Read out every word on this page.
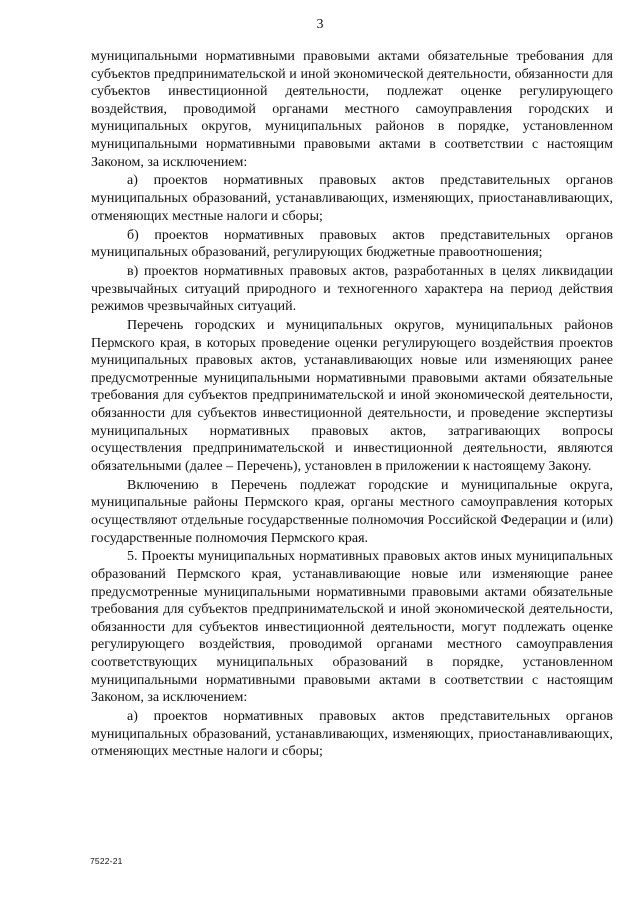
3

муниципальными нормативными правовыми актами обязательные требования для субъектов предпринимательской и иной экономической деятельности, обязанности для субъектов инвестиционной деятельности, подлежат оценке регулирующего воздействия, проводимой органами местного самоуправления городских и муниципальных округов, муниципальных районов в порядке, установленном муниципальными нормативными правовыми актами в соответствии с настоящим Законом, за исключением:

а) проектов нормативных правовых актов представительных органов муниципальных образований, устанавливающих, изменяющих, приостанавливающих, отменяющих местные налоги и сборы;

б) проектов нормативных правовых актов представительных органов муниципальных образований, регулирующих бюджетные правоотношения;

в) проектов нормативных правовых актов, разработанных в целях ликвидации чрезвычайных ситуаций природного и техногенного характера на период действия режимов чрезвычайных ситуаций.

Перечень городских и муниципальных округов, муниципальных районов Пермского края, в которых проведение оценки регулирующего воздействия проектов муниципальных правовых актов, устанавливающих новые или изменяющих ранее предусмотренные муниципальными нормативными правовыми актами обязательные требования для субъектов предпринимательской и иной экономической деятельности, обязанности для субъектов инвестиционной деятельности, и проведение экспертизы муниципальных нормативных правовых актов, затрагивающих вопросы осуществления предпринимательской и инвестиционной деятельности, являются обязательными (далее – Перечень), установлен в приложении к настоящему Закону.

Включению в Перечень подлежат городские и муниципальные округа, муниципальные районы Пермского края, органы местного самоуправления которых осуществляют отдельные государственные полномочия Российской Федерации и (или) государственные полномочия Пермского края.

5. Проекты муниципальных нормативных правовых актов иных муниципальных образований Пермского края, устанавливающие новые или изменяющие ранее предусмотренные муниципальными нормативными правовыми актами обязательные требования для субъектов предпринимательской и иной экономической деятельности, обязанности для субъектов инвестиционной деятельности, могут подлежать оценке регулирующего воздействия, проводимой органами местного самоуправления соответствующих муниципальных образований в порядке, установленном муниципальными нормативными правовыми актами в соответствии с настоящим Законом, за исключением:

а) проектов нормативных правовых актов представительных органов муниципальных образований, устанавливающих, изменяющих, приостанавливающих, отменяющих местные налоги и сборы;

7522-21
